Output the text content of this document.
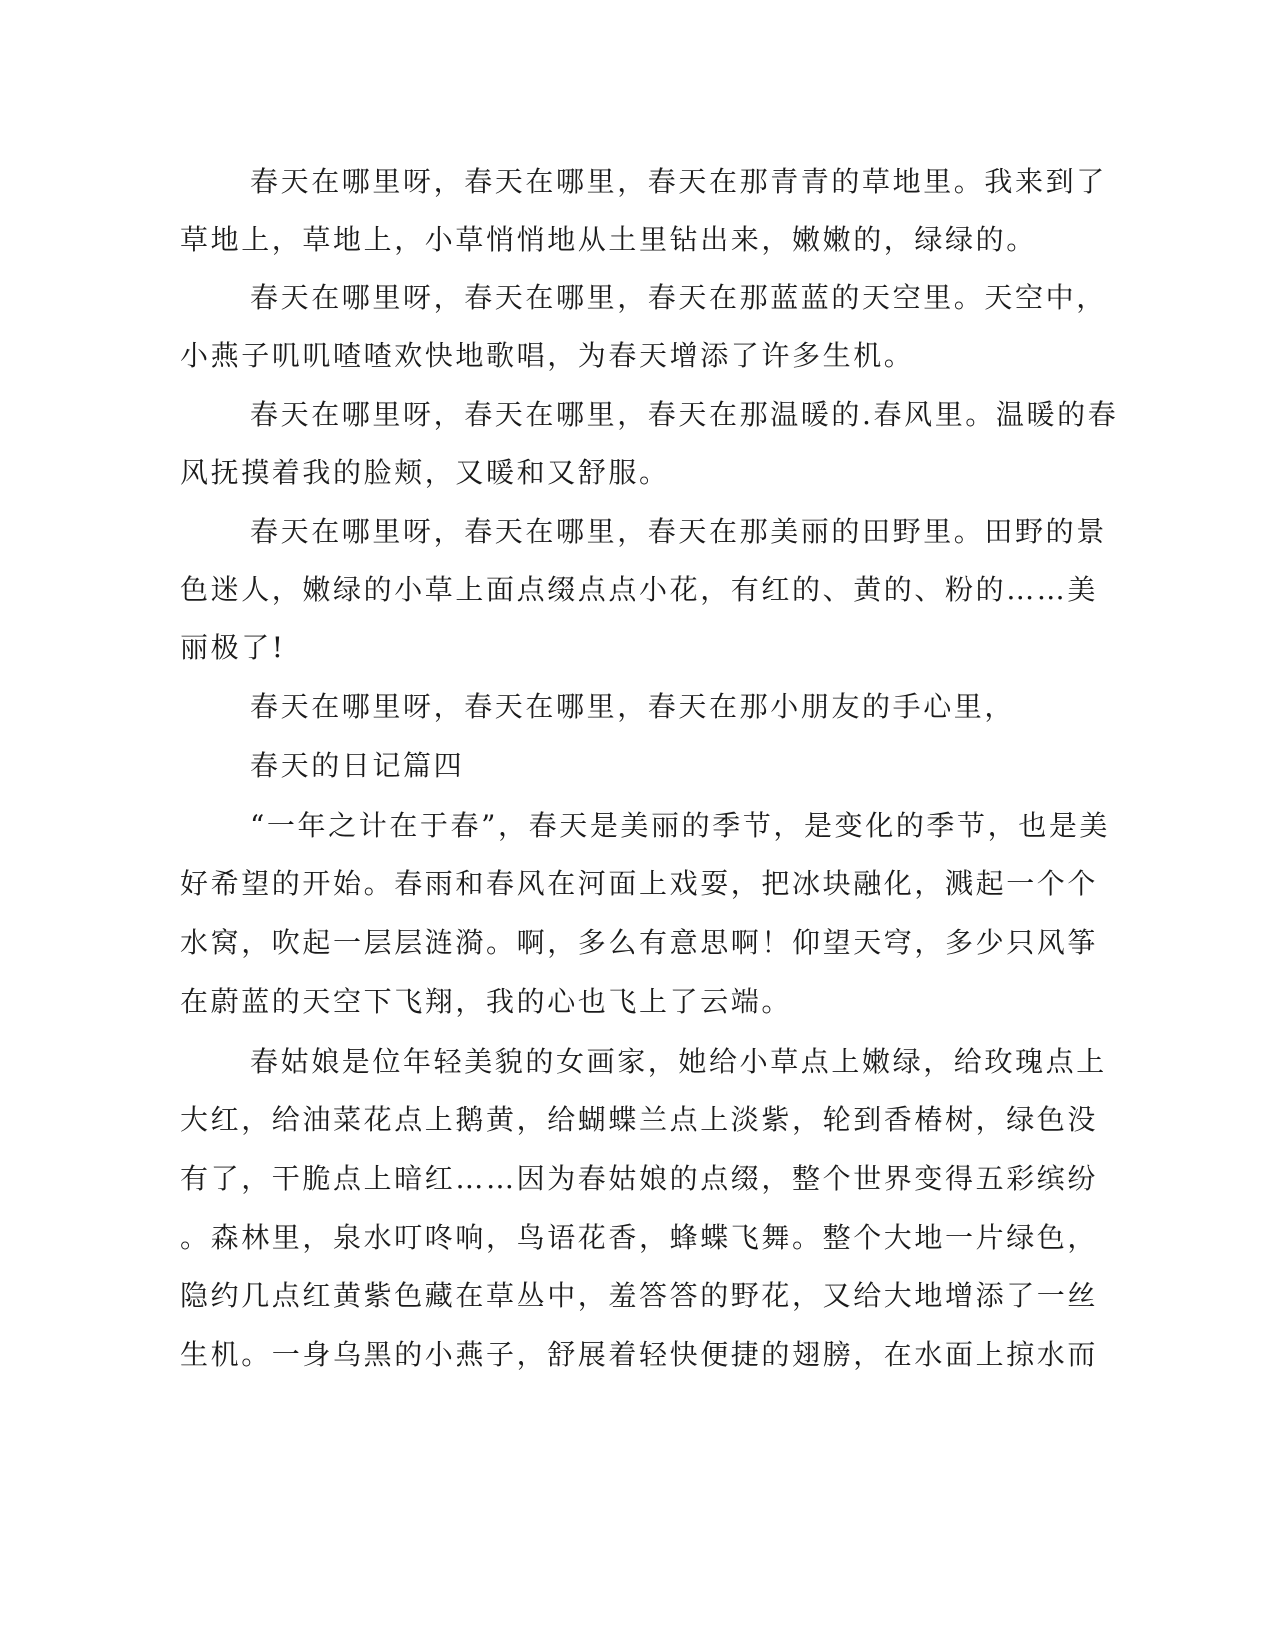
春天在哪里呀，春天在哪里，春天在那青青的草地里。我来到了
草地上，草地上，小草悄悄地从土里钻出来，嫩嫩的，绿绿的。
春天在哪里呀，春天在哪里，春天在那蓝蓝的天空里。天空中，
小燕子叽叽喳喳欢快地歌唱，为春天增添了许多生机。
春天在哪里呀，春天在哪里，春天在那温暖的.春风里。温暖的春
风抚摸着我的脸颊，又暖和又舒服。
春天在哪里呀，春天在哪里，春天在那美丽的田野里。田野的景
色迷人，嫩绿的小草上面点缀点点小花，有红的、黄的、粉的……美
丽极了!
春天在哪里呀，春天在哪里，春天在那小朋友的手心里，
春天的日记篇四
“一年之计在于春”，春天是美丽的季节，是变化的季节，也是美
好希望的开始。春雨和春风在河面上戏耍，把冰块融化，溅起一个个
水窝，吹起一层层涟漪。啊，多么有意思啊！仰望天穹，多少只风筝
在蔚蓝的天空下飞翔，我的心也飞上了云端。
春姑娘是位年轻美貌的女画家，她给小草点上嫩绿，给玫瑰点上
大红，给油菜花点上鹅黄，给蝴蝶兰点上淡紫，轮到香椿树，绿色没
有了，干脆点上暗红……因为春姑娘的点缀，整个世界变得五彩缤纷
。森林里，泉水叮咚响，鸟语花香，蜂蝶飞舞。整个大地一片绿色，
隐约几点红黄紫色藏在草丛中，羞答答的野花，又给大地增添了一丝
生机。一身乌黑的小燕子，舒展着轻快便捷的翅膀，在水面上掠水而
